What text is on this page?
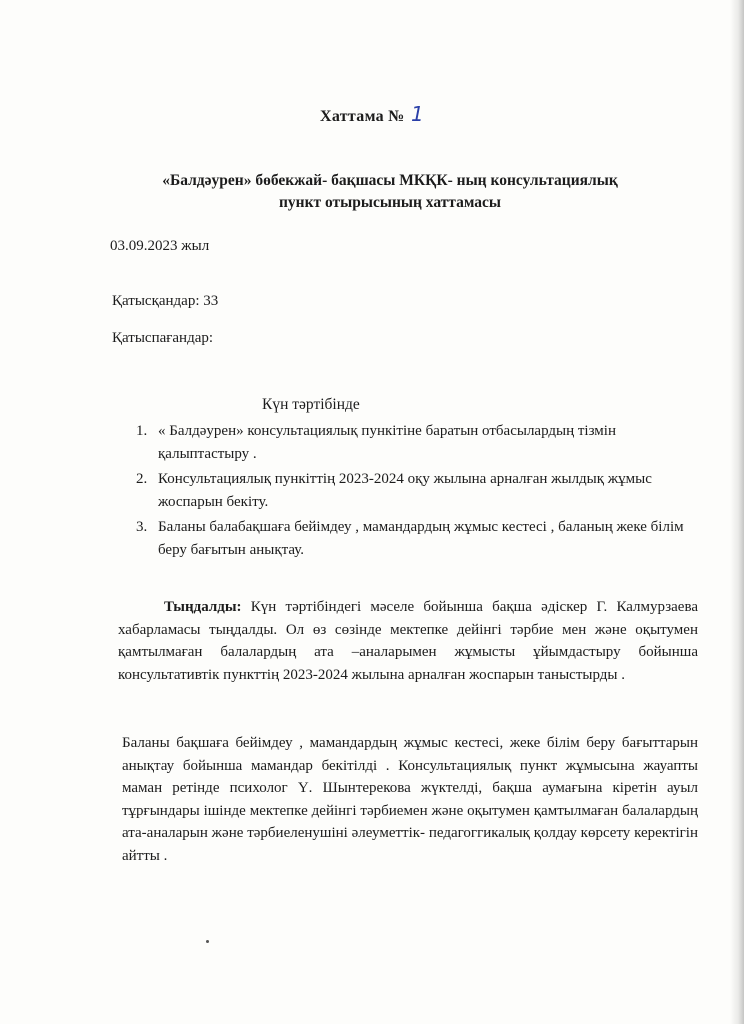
Хаттама № 1
«Балдәурен» бөбекжай- бақшасы МКҚК- ның консультациялық
пункт отырысының хаттамасы
03.09.2023 жыл
Қатысқандар: 33
Қатыспағандар:
Күн тәртібінде
1. « Балдәурен» консультациялық пункітіне баратын отбасылардың тізмін қалыптастыру .
2. Консультациялық пункіттің 2023-2024 оқу жылына арналған жылдық жұмыс жоспарын бекіту.
3. Баланы балабақшаға бейімдеу , мамандардың жұмыс кестесі , баланың жеке білім беру бағытын анықтау.
Тыңдалды: Күн тәртібіндегі мәселе бойынша бақша әдіскер Г. Калмурзаева хабарламасы тыңдалды. Ол өз сөзінде мектепке дейінгі тәрбие мен және оқытумен қамтылмаған балалардың ата –аналарымен жұмысты ұйымдастыру бойынша консультативтік пункттің 2023-2024 жылына арналған жоспарын таныстырды .
Баланы бақшаға бейімдеу , мамандардың жұмыс кестесі, жеке білім беру бағыттарын анықтау бойынша мамандар бекітілді . Консультациялық пункт жұмысына жауапты маман ретінде психолог Ү. Шынтерекова жүктелді, бақша аумағына кіретін ауыл тұрғындары ішінде мектепке дейінгі тәрбиемен және оқытумен қамтылмаған балалардың ата-аналарын және тәрбиеленушіні әлеуметтік- педагоггикалық қолдау көрсету керектігін айтты .
